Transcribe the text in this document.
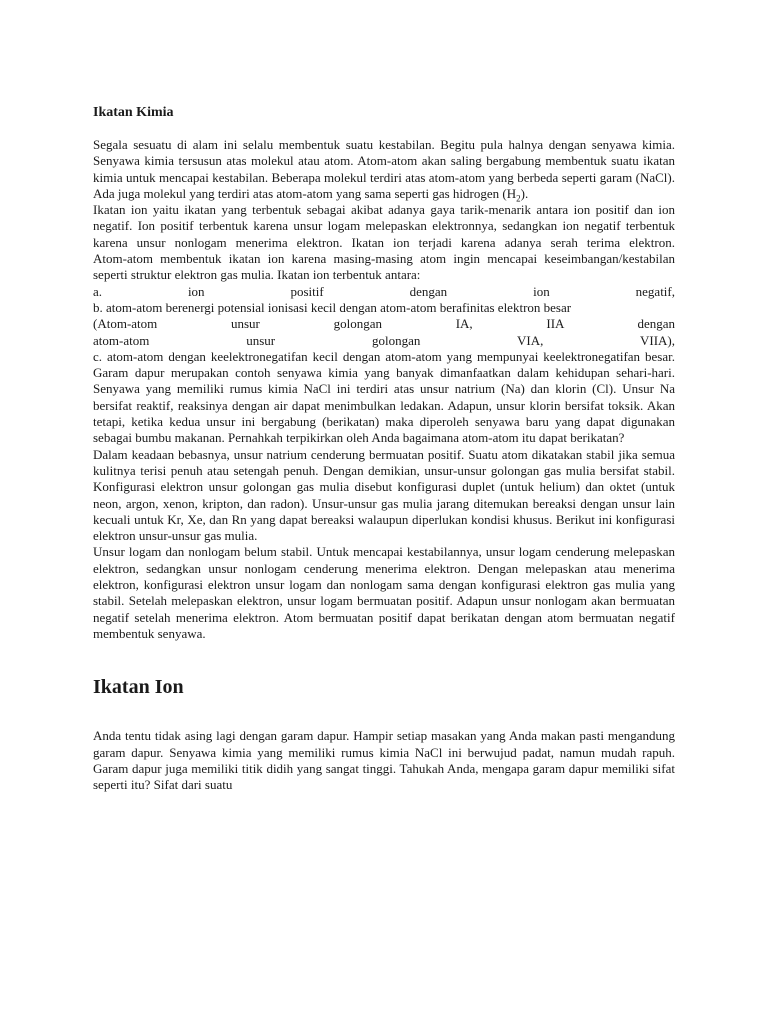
Ikatan Kimia

Segala sesuatu di alam ini selalu membentuk suatu kestabilan. Begitu pula halnya dengan senyawa kimia. Senyawa kimia tersusun atas molekul atau atom. Atom-atom akan saling bergabung membentuk suatu ikatan kimia untuk mencapai kestabilan. Beberapa molekul terdiri atas atom-atom yang berbeda seperti garam (NaCl). Ada juga molekul yang terdiri atas atom-atom yang sama seperti gas hidrogen $(H_2)$.

Ikatan ion yaitu ikatan yang terbentuk sebagai akibat adanya gaya tarik-menarik antara ion positif dan ion negatif. Ion positif terbentuk karena unsur logam melepaskan elektronnya, sedangkan ion negatif terbentuk karena unsur nonlogam menerima elektron. Ikatan ion terjadi karena adanya serah terima elektron.

Atom-atom membentuk ikatan ion karena masing-masing atom ingin mencapai keseimbangan/kestabilan seperti struktur elektron gas mulia. Ikatan ion terbentuk antara:

a. ion positif dengan ion negatif,

b. atom-atom berenergi potensial ionisasi kecil dengan atom-atom berafinitas elektron besar

(Atom-atom unsur golongan IA, IIA dengan

atom-atom unsur golongan VIA, VIIA),

c. atom-atom dengan keelektronegatifan kecil dengan atom-atom yang mempunyai keelektronegatifan besar.

Garam dapur merupakan contoh senyawa kimia yang banyak dimanfaatkan dalam kehidupan sehari-hari. Senyawa yang memiliki rumus kimia NaCl ini terdiri atas unsur natrium (Na) dan klorin (Cl). Unsur Na bersifat reaktif, reaksinya dengan air dapat menimbulkan ledakan. Adapun, unsur klorin bersifat toksik. Akan tetapi, ketika kedua unsur ini bergabung (berikatan) maka diperoleh senyawa baru yang dapat digunakan sebagai bumbu makanan. Pernahkah terpikirkan oleh Anda bagaimana atom-atom itu dapat berikatan?

Dalam keadaan bebasnya, unsur natrium cenderung bermuatan positif. Suatu atom dikatakan stabil jika semua kulitnya terisi penuh atau setengah penuh. Dengan demikian, unsur-unsur golongan gas mulia bersifat stabil. Konfigurasi elektron unsur golongan gas mulia disebut konfigurasi duplet (untuk helium) dan oktet (untuk neon, argon, xenon, kripton, dan radon). Unsur-unsur gas mulia jarang ditemukan bereaksi dengan unsur lain kecuali untuk Kr, Xe, dan Rn yang dapat bereaksi walaupun diperlukan kondisi khusus. Berikut ini konfigurasi elektron unsur-unsur gas mulia.

Unsur logam dan nonlogam belum stabil. Untuk mencapai kestabilannya, unsur logam cenderung melepaskan elektron, sedangkan unsur nonlogam cenderung menerima elektron. Dengan melepaskan atau menerima elektron, konfigurasi elektron unsur logam dan nonlogam sama dengan konfigurasi elektron gas mulia yang stabil. Setelah melepaskan elektron, unsur logam bermuatan positif. Adapun unsur nonlogam akan bermuatan negatif setelah menerima elektron. Atom bermuatan positif dapat berikatan dengan atom bermuatan negatif membentuk senyawa.

Ikatan Ion

Anda tentu tidak asing lagi dengan garam dapur. Hampir setiap masakan yang Anda makan pasti mengandung garam dapur. Senyawa kimia yang memiliki rumus kimia NaCl ini berwujud padat, namun mudah rapuh. Garam dapur juga memiliki titik didih yang sangat tinggi. Tahukah Anda, mengapa garam dapur memiliki sifat seperti itu? Sifat dari suatu
